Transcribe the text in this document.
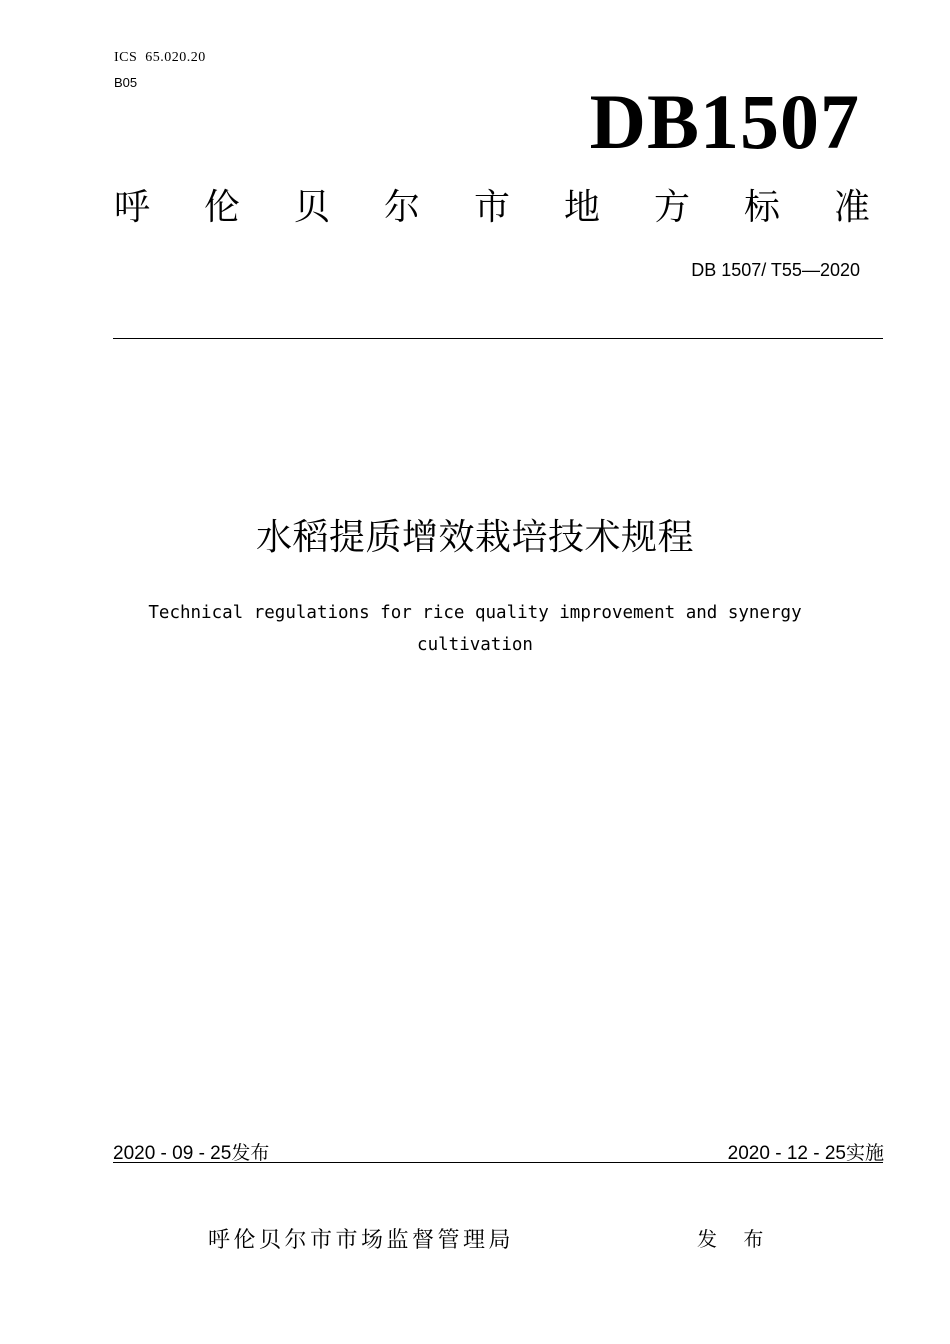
ICS  65.020.20
B05	DB1507
呼 伦 贝 尔 市 地 方 标 准
DB 1507/ T55—2020
水稻提质增效栽培技术规程
Technical regulations for rice quality improvement and synergy
cultivation
2020 - 09 - 25发布	2020 - 12 - 25实施
呼伦贝尔市市场监督管理局	发 布
